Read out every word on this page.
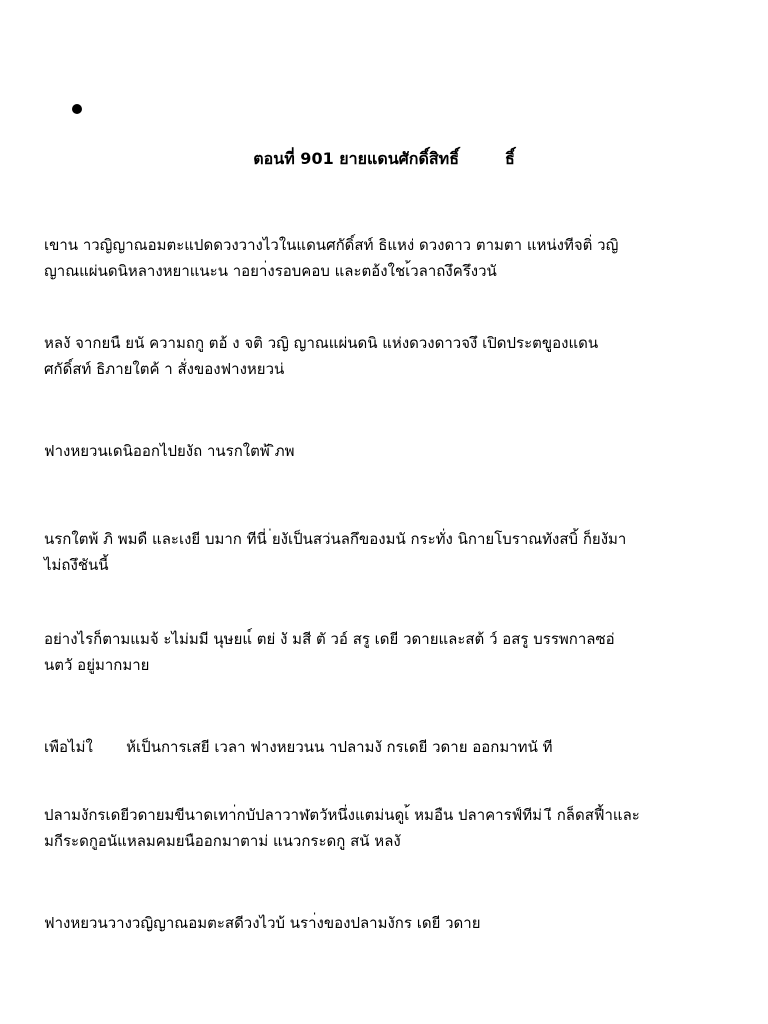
ตอนที่ 901 ยายแดนศักดิ์สิทธิ์	ธิ์
เขาน าวญิญาณอมตะแปดดวงวางไวในแดนศกัดิ์สท์ ธิแหง่ ดวงดาว ตามตา แหน่งทีจติ่ วญิ
ญาณแผ่นดนิหลางหยาแนะน าอยา่งรอบคอบ และตอ้งใชเ้วลาถงึครึงวนั
หลงั จากยนื ยนั ความถกู ตอ้ ง จติ วญิ ญาณแผ่นดนิ แห่งดวงดาวจงึ เปิดประตขูองแดน
ศกัดิ์สท์ ธิภายใตค้ า สั่งของฟางหยวน่
ฟางหยวนเดนิออกไปยงัถ านรกใตพ้ ิภพ
นรกใตพ้ ภิ พมดื และเงยี บมาก ทีนี่ ่ยงัเป็นสว่นลกึของมนั กระทั่ง นิกายโบราณทังสบิ้ ก็ยงัมา
ไม่ถงึชันนี้
อย่างไรก็ตามแมจ้ ะไม่มมี นุษยแ์ ตย่ งั มสี ตั วอ์ สรู เดยี วดายและสต้ ว์ อสรู บรรพกาลซอ่
นตวั อยู่มากมาย
เพือไม่ใ       ห้เป็นการเสยี เวลา ฟางหยวนน าปลามงั กรเดยี วดาย ออกมาทนั ที
ปลามงักรเดยีวดายมขีนาดเทา่กบัปลาวาฬตวัหนึ่งแตม่นดูเ้ หมอืน ปลาคารฟ์ทีม่ เี กล็ดสฟี้าและ
มกีระดกูอนัแหลมคมยนืออกมาตาม่ แนวกระดกู สนั หลงั
ฟางหยวนวางวญิญาณอมตะสดีวงไวบ้ นรา่งของปลามงักร เดยี วดาย
